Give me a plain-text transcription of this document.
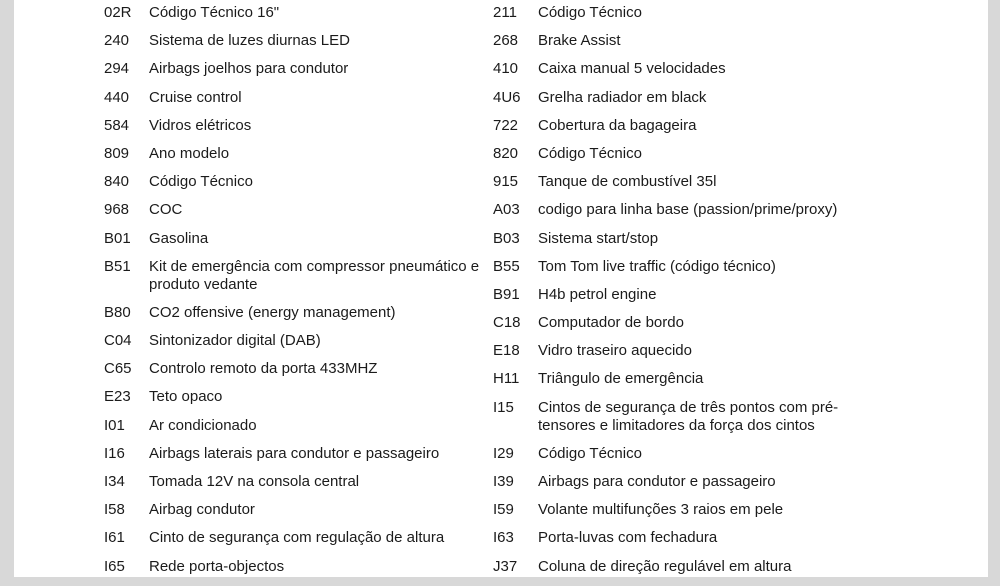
02R	Código Técnico 16"
240	Sistema de luzes diurnas LED
294	Airbags joelhos para condutor
440	Cruise control
584	Vidros elétricos
809	Ano modelo
840	Código Técnico
968	COC
B01	Gasolina
B51	Kit de emergência com compressor pneumático e produto vedante
B80	CO2 offensive (energy management)
C04	Sintonizador digital (DAB)
C65	Controlo remoto da porta 433MHZ
E23	Teto opaco
I01	Ar condicionado
I16	Airbags laterais para condutor e passageiro
I34	Tomada 12V na consola central
I58	Airbag condutor
I61	Cinto de segurança com regulação de altura
I65	Rede porta-objectos
211	Código Técnico
268	Brake Assist
410	Caixa manual 5 velocidades
4U6	Grelha radiador em black
722	Cobertura da bagageira
820	Código Técnico
915	Tanque de combustível 35l
A03	codigo para linha base (passion/prime/proxy)
B03	Sistema start/stop
B55	Tom Tom live traffic (código técnico)
B91	H4b petrol engine
C18	Computador de bordo
E18	Vidro traseiro aquecido
H11	Triângulo de emergência
I15	Cintos de segurança de três pontos com pré-tensores e limitadores da força dos cintos
I29	Código Técnico
I39	Airbags para condutor e passageiro
I59	Volante multifunções 3 raios em pele
I63	Porta-luvas com fechadura
J37	Coluna de direção regulável em altura
